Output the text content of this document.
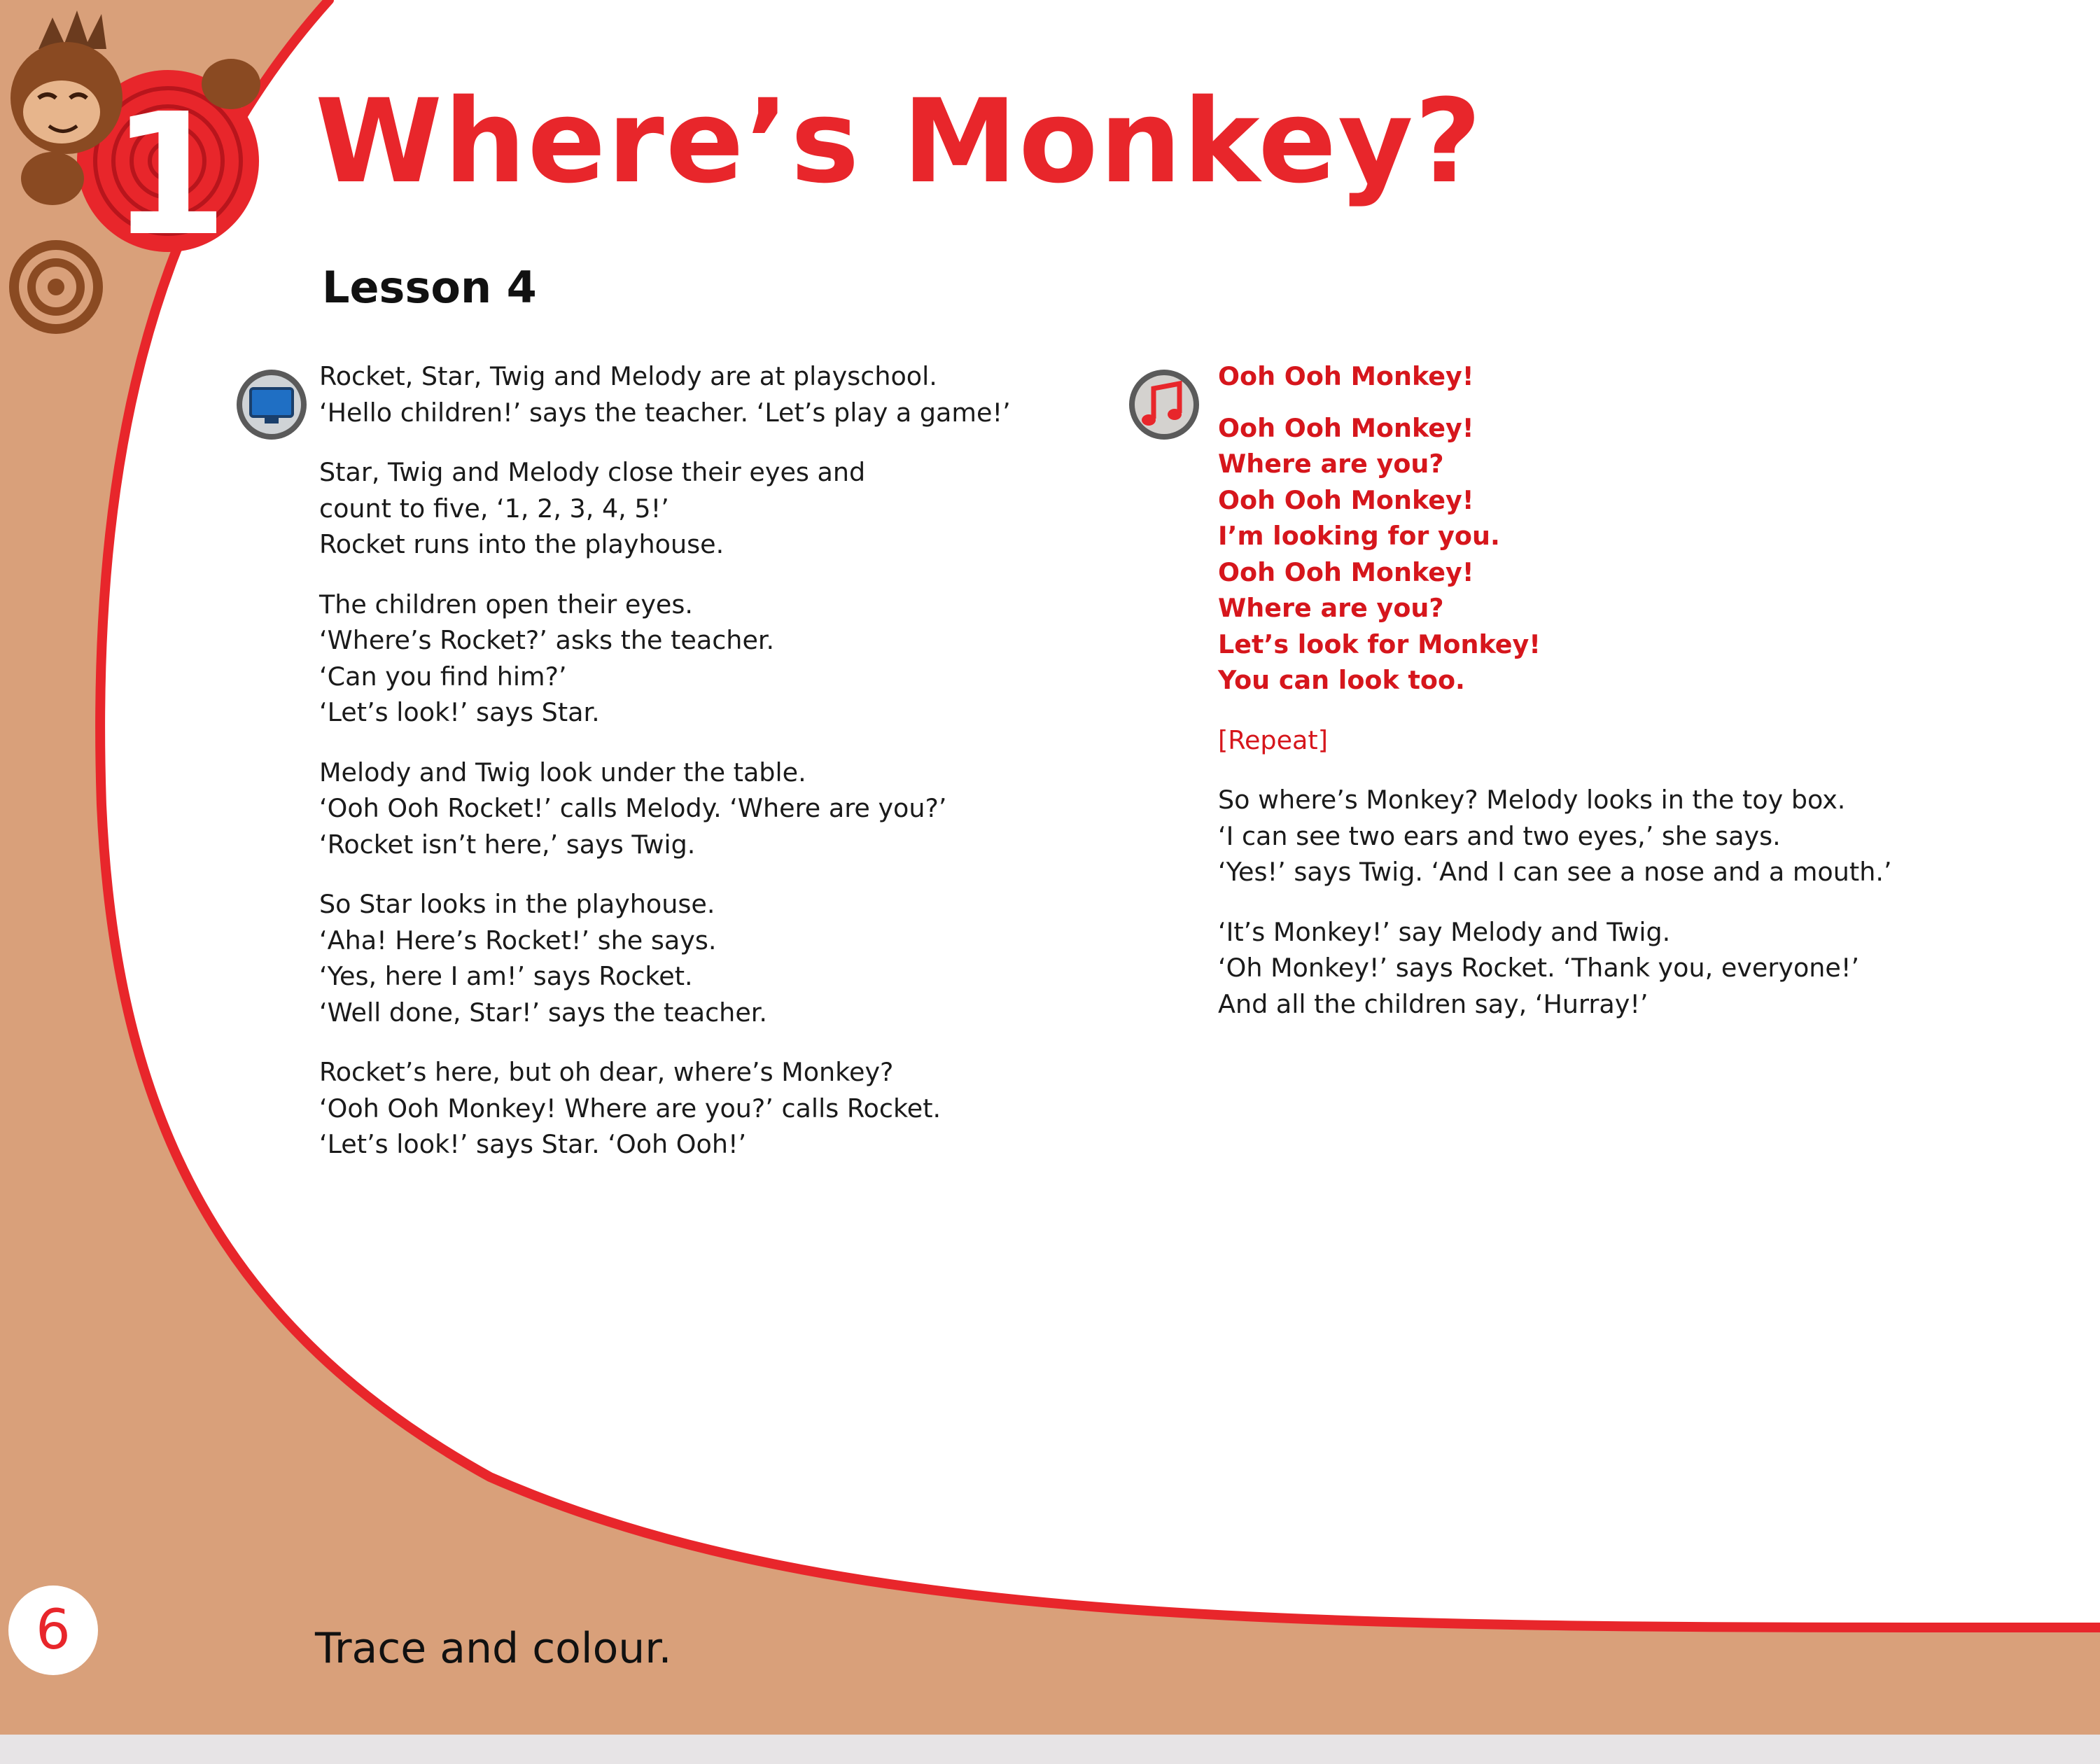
1 Where’s Monkey?
Lesson 4

Rocket, Star, Twig and Melody are at playschool.
‘Hello children!’ says the teacher. ‘Let’s play a game!’

Star, Twig and Melody close their eyes and
count to five, ‘1, 2, 3, 4, 5!’
Rocket runs into the playhouse.

The children open their eyes.
‘Where’s Rocket?’ asks the teacher.
‘Can you find him?’
‘Let’s look!’ says Star.

Melody and Twig look under the table.
‘Ooh Ooh Rocket!’ calls Melody. ‘Where are you?’
‘Rocket isn’t here,’ says Twig.

So Star looks in the playhouse.
‘Aha! Here’s Rocket!’ she says.
‘Yes, here I am!’ says Rocket.
‘Well done, Star!’ says the teacher.

Rocket’s here, but oh dear, where’s Monkey?
‘Ooh Ooh Monkey! Where are you?’ calls Rocket.
‘Let’s look!’ says Star. ‘Ooh Ooh!’

Ooh Ooh Monkey!

Ooh Ooh Monkey!
Where are you?
Ooh Ooh Monkey!
I’m looking for you.
Ooh Ooh Monkey!
Where are you?
Let’s look for Monkey!
You can look too.

[Repeat]

So where’s Monkey? Melody looks in the toy box.
‘I can see two ears and two eyes,’ she says.
‘Yes!’ says Twig. ‘And I can see a nose and a mouth.’

‘It’s Monkey!’ say Melody and Twig.
‘Oh Monkey!’ says Rocket. ‘Thank you, everyone!’
And all the children say, ‘Hurray!’

6	Trace and colour.
